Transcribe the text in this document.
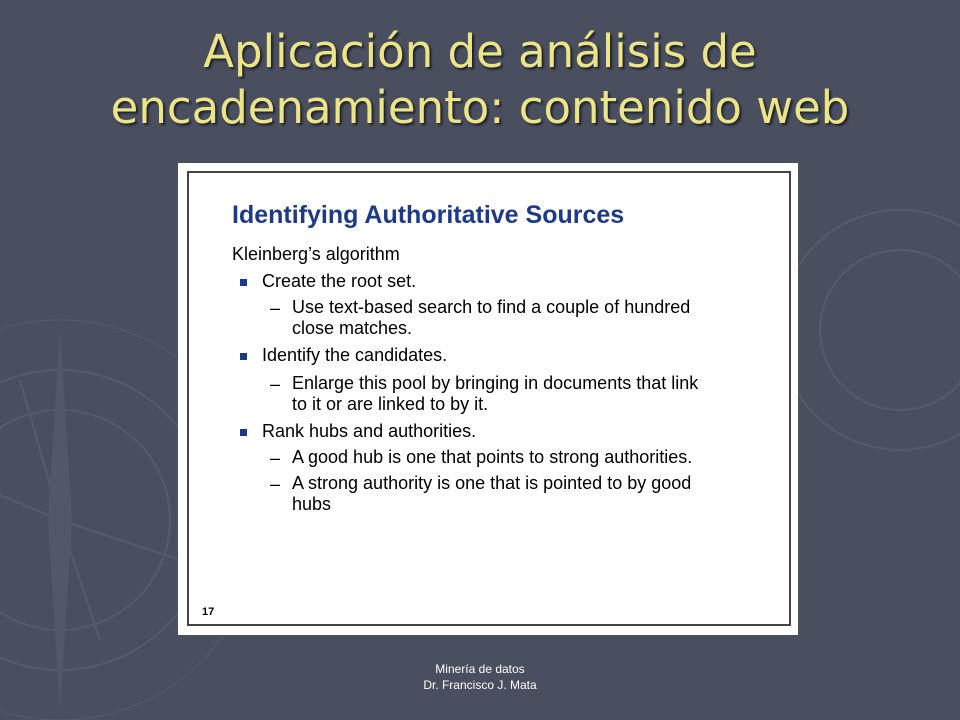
Aplicación de análisis de
encadenamiento: contenido web
Identifying Authoritative Sources
Kleinberg’s algorithm
Create the root set.
– Use text-based search to find a couple of hundred
close matches.
Identify the candidates.
– Enlarge this pool by bringing in documents that link
to it or are linked to by it.
Rank hubs and authorities.
– A good hub is one that points to strong authorities.
– A strong authority is one that is pointed to by good
hubs
17
Minería de datos
Dr. Francisco J. Mata
